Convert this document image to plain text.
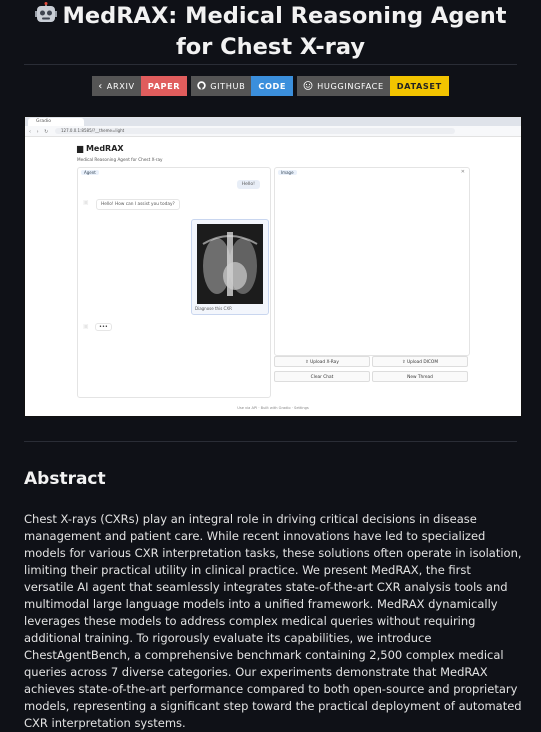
MedRAX: Medical Reasoning Agent for Chest X-ray
‹ ARXIV	PAPER	GITHUB	CODE	HUGGINGFACE	DATASET
Gradio
‹ › ↻	127.0.0.1:8585/?__theme=light
▆ MedRAX
Medical Reasoning Agent for Chest X-ray
Agent
Hello!
▣	Hello! How can I assist you today?
Diagnose this CXR
▣	•••
Image	✕
⇪ Upload X-Ray	⇪ Upload DICOM
Clear Chat	New Thread
Use via API · Built with Gradio · Settings
Abstract
Chest X-rays (CXRs) play an integral role in driving critical decisions in disease management and patient care. While recent innovations have led to specialized models for various CXR interpretation tasks, these solutions often operate in isolation, limiting their practical utility in clinical practice. We present MedRAX, the first versatile AI agent that seamlessly integrates state-of-the-art CXR analysis tools and multimodal large language models into a unified framework. MedRAX dynamically leverages these models to address complex medical queries without requiring additional training. To rigorously evaluate its capabilities, we introduce ChestAgentBench, a comprehensive benchmark containing 2,500 complex medical queries across 7 diverse categories. Our experiments demonstrate that MedRAX achieves state-of-the-art performance compared to both open-source and proprietary models, representing a significant step toward the practical deployment of automated CXR interpretation systems.
